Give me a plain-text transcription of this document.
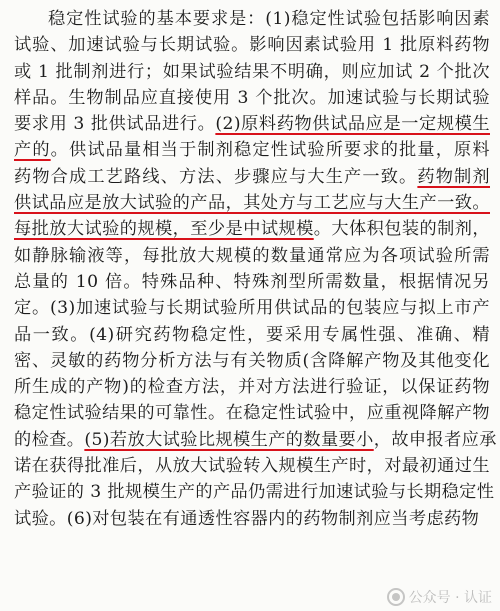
稳定性试验的基本要求是：(1)稳定性试验包括影响因素
试验、加速试验与长期试验。影响因素试验用 1 批原料药物
或 1 批制剂进行；如果试验结果不明确，则应加试 2 个批次
样品。生物制品应直接使用 3 个批次。加速试验与长期试验
要求用 3 批供试品进行。(2)原料药物供试品应是一定规模生
产的。供试品量相当于制剂稳定性试验所要求的批量，原料
药物合成工艺路线、方法、步骤应与大生产一致。药物制剂
供试品应是放大试验的产品，其处方与工艺应与大生产一致。
每批放大试验的规模，至少是中试规模。大体积包装的制剂，
如静脉输液等，每批放大规模的数量通常应为各项试验所需
总量的 10 倍。特殊品种、特殊剂型所需数量，根据情况另
定。(3)加速试验与长期试验所用供试品的包装应与拟上市产
品一致。(4)研究药物稳定性，要采用专属性强、准确、精
密、灵敏的药物分析方法与有关物质(含降解产物及其他变化
所生成的产物)的检查方法，并对方法进行验证，以保证药物
稳定性试验结果的可靠性。在稳定性试验中，应重视降解产物
的检查。(5)若放大试验比规模生产的数量要小，故申报者应承
诺在获得批准后，从放大试验转入规模生产时，对最初通过生
产验证的 3 批规模生产的产品仍需进行加速试验与长期稳定性
试验。(6)对包装在有通透性容器内的药物制剂应当考虑药物
公众号 · 认证
